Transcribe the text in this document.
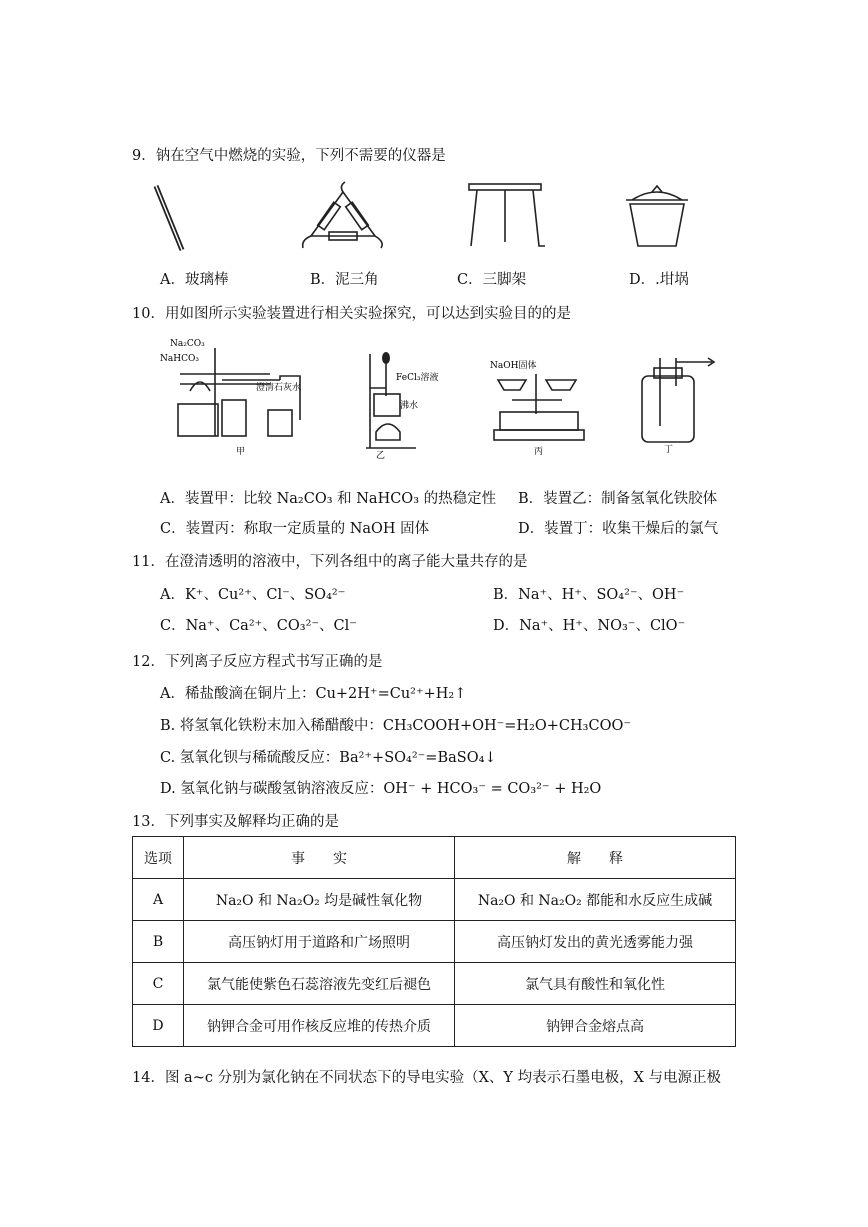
9．钠在空气中燃烧的实验，下列不需要的仪器是
A．玻璃棒	B．泥三角	C．三脚架	D．.坩埚
10．用如图所示实验装置进行相关实验探究，可以达到实验目的的是
Na₂CO₃
NaHCO₃
澄清石灰水
甲
FeCl₃溶液
沸水
乙
NaOH固体
丙	丁
A．装置甲：比较 Na₂CO₃ 和 NaHCO₃ 的热稳定性 B．装置乙：制备氢氧化铁胶体
C．装置丙：称取一定质量的 NaOH 固体	D．装置丁：收集干燥后的氯气
11．在澄清透明的溶液中，下列各组中的离子能大量共存的是
A．K⁺、Cu²⁺、Cl⁻、SO₄²⁻	B．Na⁺、H⁺、SO₄²⁻、OH⁻
C．Na⁺、Ca²⁺、CO₃²⁻、Cl⁻	D．Na⁺、H⁺、NO₃⁻、ClO⁻
12．下列离子反应方程式书写正确的是
A．稀盐酸滴在铜片上：Cu+2H⁺=Cu²⁺+H₂↑
B. 将氢氧化铁粉末加入稀醋酸中：CH₃COOH+OH⁻=H₂O+CH₃COO⁻
C. 氢氧化钡与稀硫酸反应：Ba²⁺+SO₄²⁻=BaSO₄↓
D. 氢氧化钠与碳酸氢钠溶液反应：OH⁻ + HCO₃⁻ = CO₃²⁻ + H₂O
13．下列事实及解释均正确的是
选项	事　　实	解　　释
A	Na₂O 和 Na₂O₂ 均是碱性氧化物	Na₂O 和 Na₂O₂ 都能和水反应生成碱
B	高压钠灯用于道路和广场照明	高压钠灯发出的黄光透雾能力强
C	氯气能使紫色石蕊溶液先变红后褪色	氯气具有酸性和氧化性
D	钠钾合金可用作核反应堆的传热介质	钠钾合金熔点高
14．图 a~c 分别为氯化钠在不同状态下的导电实验（X、Y 均表示石墨电极，X 与电源正极
